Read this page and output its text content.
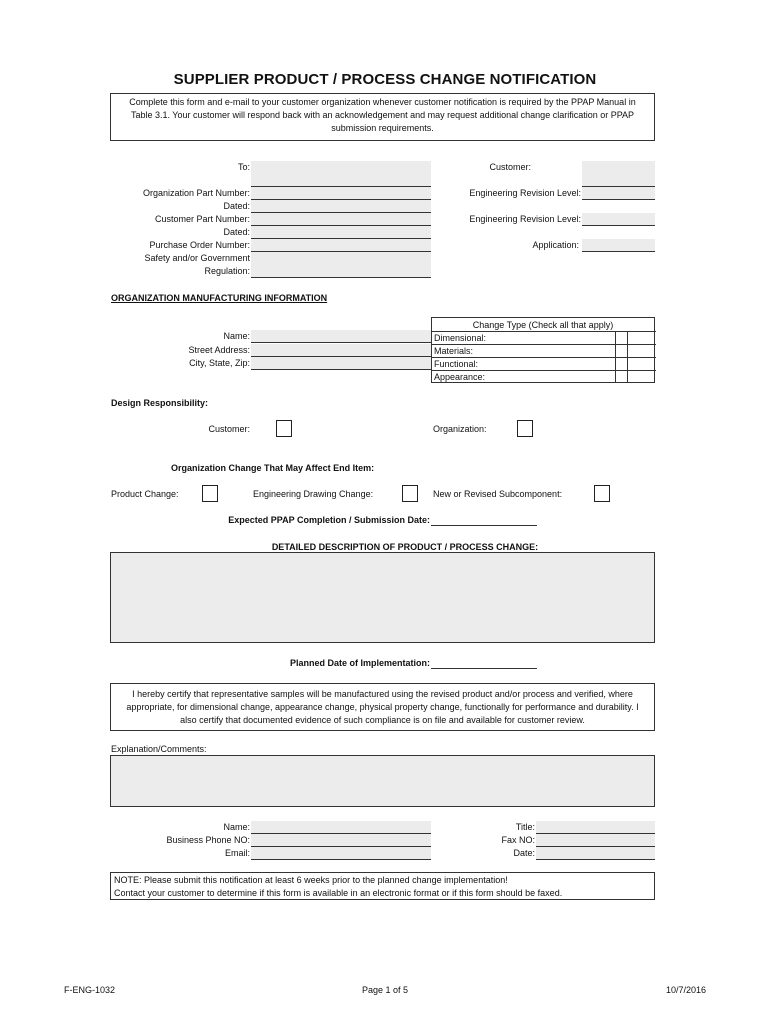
SUPPLIER PRODUCT / PROCESS CHANGE NOTIFICATION
Complete this form and e-mail to your customer organization whenever customer notification is required by the PPAP Manual in Table 3.1. Your customer will respond back with an acknowledgement and may request additional change clarification or PPAP submission requirements.
To:
Organization Part Number:
Dated:
Customer Part Number:
Dated:
Purchase Order Number:
Safety and/or Government
Regulation:
Customer:
Engineering Revision Level:
Engineering Revision Level:
Application:
ORGANIZATION MANUFACTURING INFORMATION
Name:
Street Address:
City, State, Zip:
Change Type (Check all that apply)
Dimensional:
Materials:
Functional:
Appearance:
Design Responsibility:
Customer:	Organization:
Organization Change That May Affect End Item:
Product Change:	Engineering Drawing Change:	New or Revised Subcomponent:
Expected PPAP Completion / Submission Date:
DETAILED DESCRIPTION OF PRODUCT / PROCESS CHANGE:
Planned Date of Implementation:
I hereby certify that representative samples will be manufactured using the revised product and/or process and verified, where appropriate, for dimensional change, appearance change, physical property change, functionally for performance and durability. I also certify that documented evidence of such compliance is on file and available for customer review.
Explanation/Comments:
Name:
Business Phone NO:
Email:
Title:
Fax NO:
Date:
NOTE: Please submit this notification at least 6 weeks prior to the planned change implementation!
Contact your customer to determine if this form is available in an electronic format or if this form should be faxed.
F-ENG-1032	Page 1 of 5	10/7/2016
